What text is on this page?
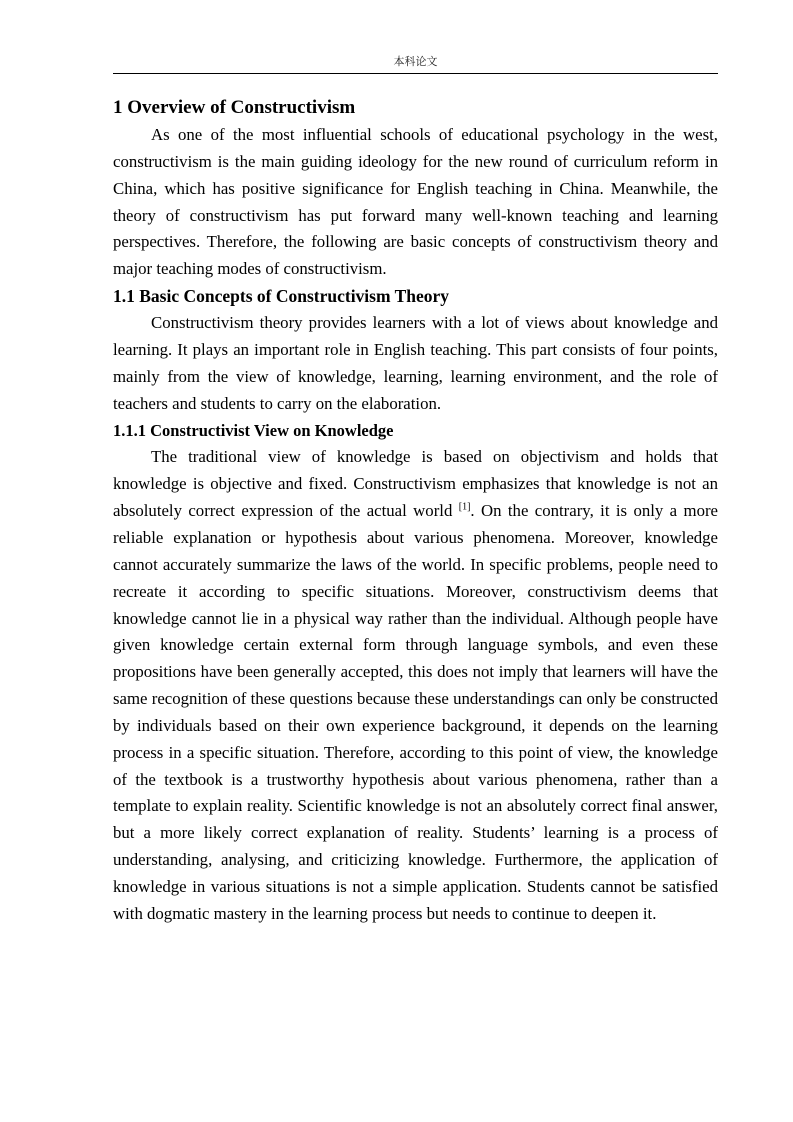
本科论文
1 Overview of Constructivism

As one of the most influential schools of educational psychology in the west, constructivism is the main guiding ideology for the new round of curriculum reform in China, which has positive significance for English teaching in China. Meanwhile, the theory of constructivism has put forward many well-known teaching and learning perspectives. Therefore, the following are basic concepts of constructivism theory and major teaching modes of constructivism.

1.1 Basic Concepts of Constructivism Theory

Constructivism theory provides learners with a lot of views about knowledge and learning. It plays an important role in English teaching. This part consists of four points, mainly from the view of knowledge, learning, learning environment, and the role of teachers and students to carry on the elaboration.

1.1.1 Constructivist View on Knowledge

The traditional view of knowledge is based on objectivism and holds that knowledge is objective and fixed. Constructivism emphasizes that knowledge is not an absolutely correct expression of the actual world [1]. On the contrary, it is only a more reliable explanation or hypothesis about various phenomena. Moreover, knowledge cannot accurately summarize the laws of the world. In specific problems, people need to recreate it according to specific situations. Moreover, constructivism deems that knowledge cannot lie in a physical way rather than the individual. Although people have given knowledge certain external form through language symbols, and even these propositions have been generally accepted, this does not imply that learners will have the same recognition of these questions because these understandings can only be constructed by individuals based on their own experience background, it depends on the learning process in a specific situation. Therefore, according to this point of view, the knowledge of the textbook is a trustworthy hypothesis about various phenomena, rather than a template to explain reality. Scientific knowledge is not an absolutely correct final answer, but a more likely correct explanation of reality. Students’ learning is a process of understanding, analysing, and criticizing knowledge. Furthermore, the application of knowledge in various situations is not a simple application. Students cannot be satisfied with dogmatic mastery in the learning process but needs to continue to deepen it.
